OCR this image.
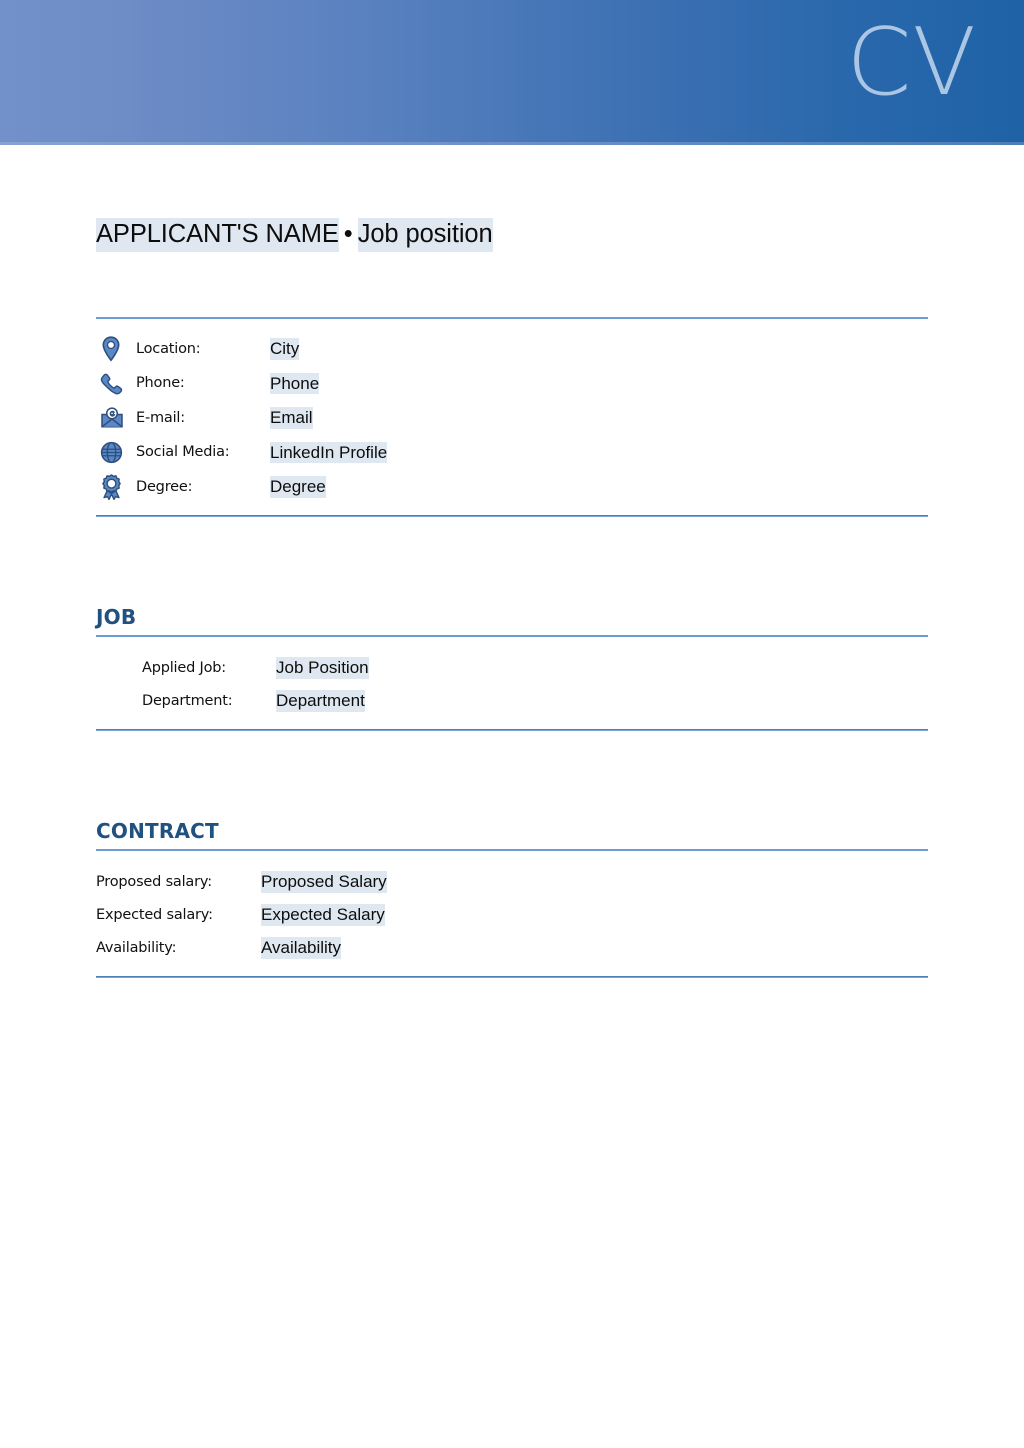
CV
APPLICANT'S NAME • Job position
Location:	City
Phone:	Phone
E-mail:	Email
Social Media:	LinkedIn Profile
Degree:	Degree
JOB
Applied Job:	Job Position
Department:	Department
CONTRACT
Proposed salary:	Proposed Salary
Expected salary:	Expected Salary
Availability:	Availability
